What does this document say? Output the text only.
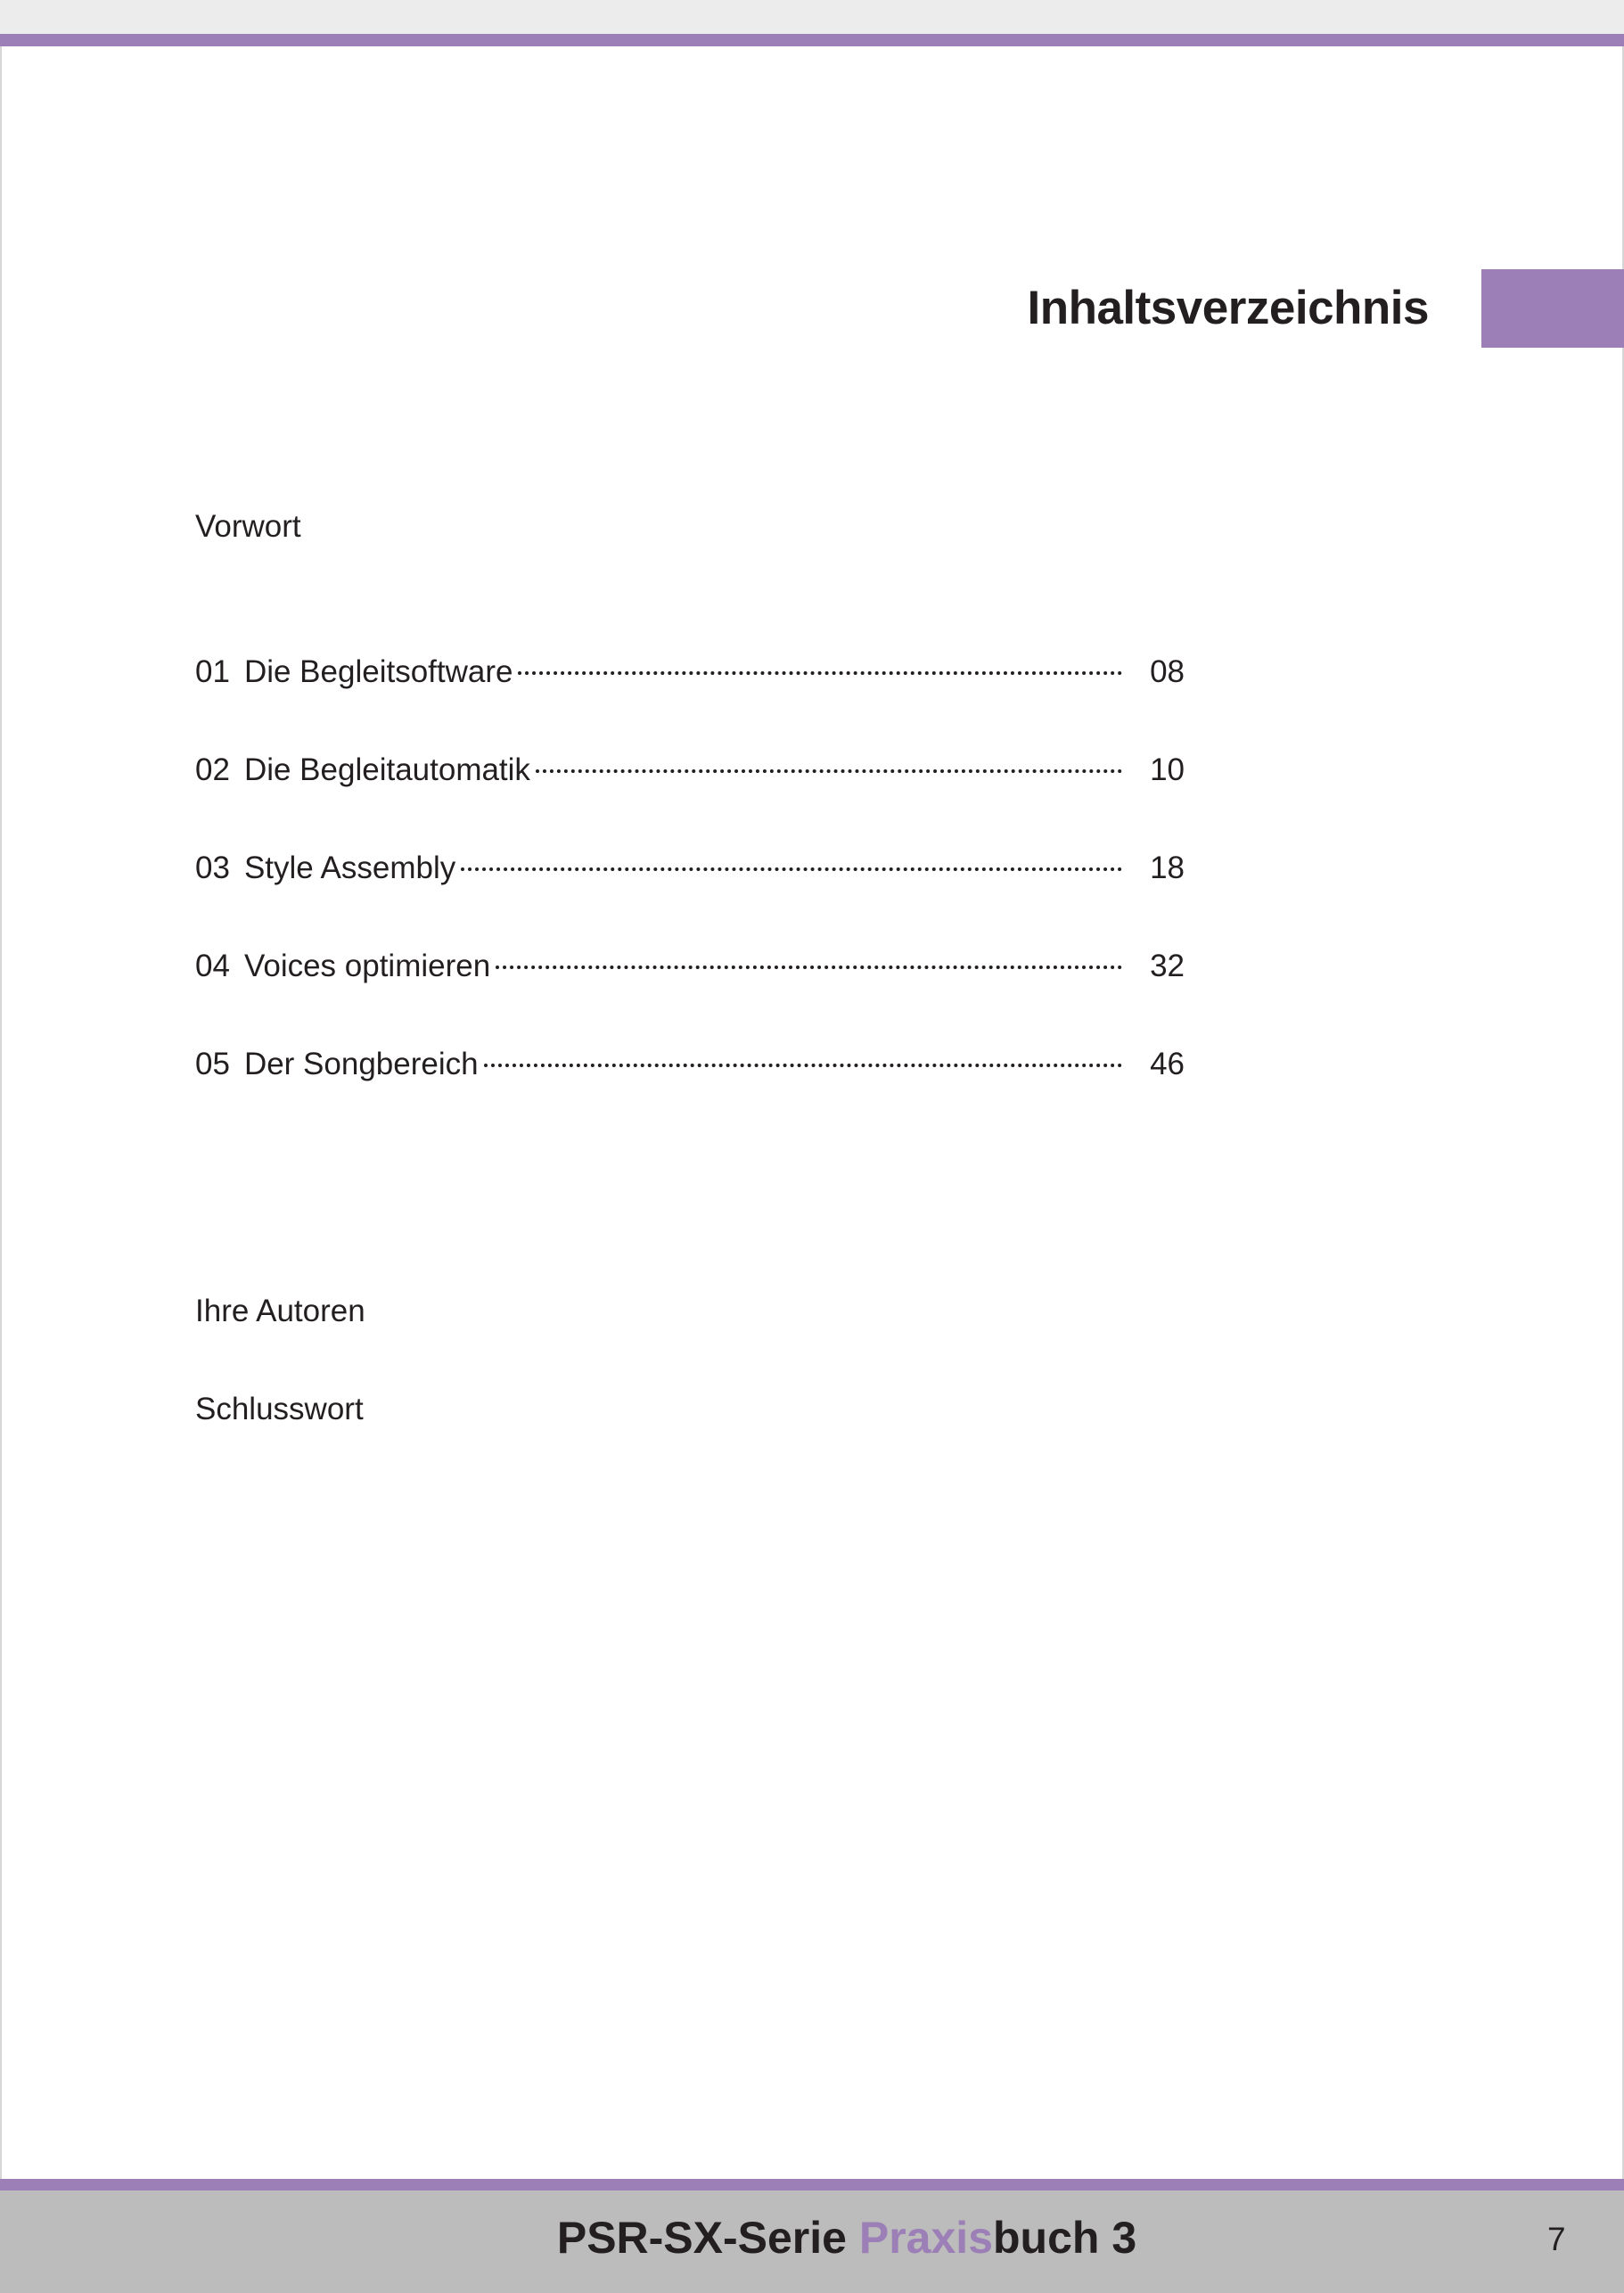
Inhaltsverzeichnis
Vorwort
01 Die Begleitsoftware	08
02 Die Begleitautomatik	10
03 Style Assembly	18
04 Voices optimieren	32
05 Der Songbereich	46
Ihre Autoren
Schlusswort
PSR-SX-Serie Praxisbuch 3	7
